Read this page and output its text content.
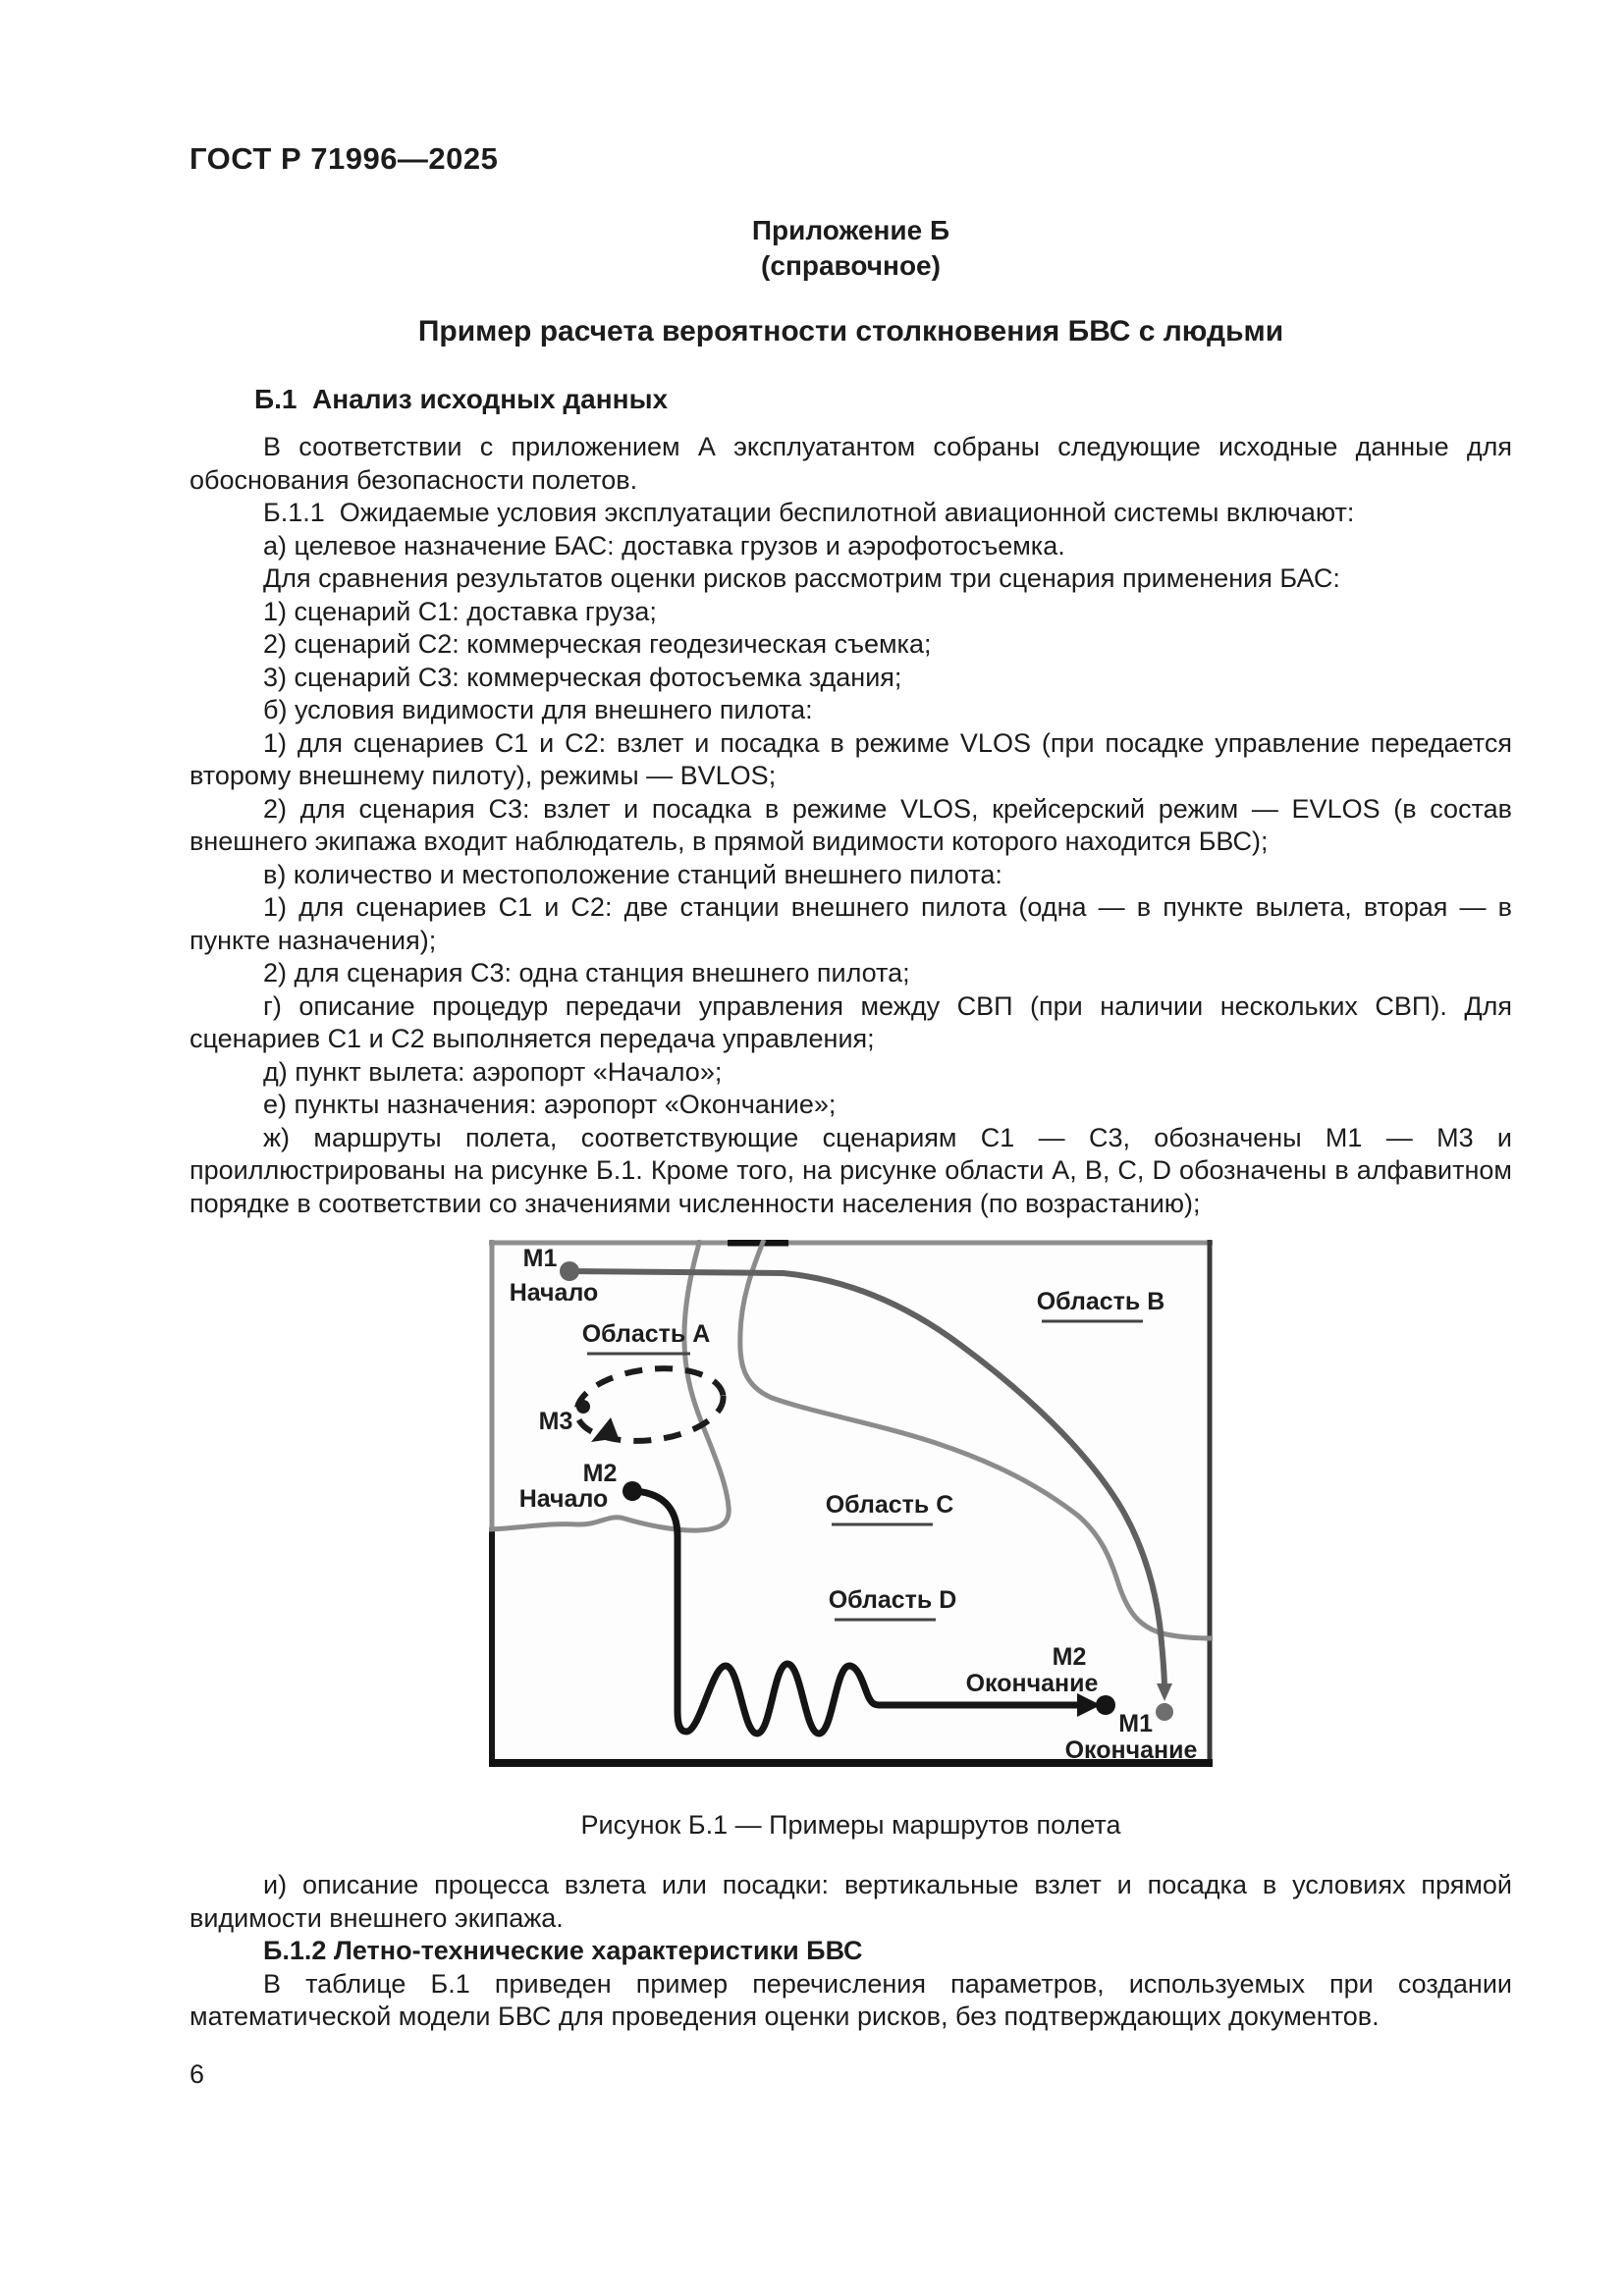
ГОСТ Р 71996—2025
Приложение Б
(справочное)
Пример расчета вероятности столкновения БВС с людьми
Б.1  Анализ исходных данных

В соответствии с приложением А эксплуатантом собраны следующие исходные данные для обоснования безопасности полетов.

Б.1.1  Ожидаемые условия эксплуатации беспилотной авиационной системы включают:

а) целевое назначение БАС: доставка грузов и аэрофотосъемка.

Для сравнения результатов оценки рисков рассмотрим три сценария применения БАС:

1) сценарий С1: доставка груза;

2) сценарий С2: коммерческая геодезическая съемка;

3) сценарий С3: коммерческая фотосъемка здания;

б) условия видимости для внешнего пилота:

1) для сценариев С1 и С2: взлет и посадка в режиме VLOS (при посадке управление передается второму внешнему пилоту), режимы — BVLOS;

2) для сценария С3: взлет и посадка в режиме VLOS, крейсерский режим — EVLOS (в состав внешнего экипажа входит наблюдатель, в прямой видимости которого находится БВС);

в) количество и местоположение станций внешнего пилота:

1) для сценариев С1 и С2: две станции внешнего пилота (одна — в пункте вылета, вторая — в пункте назначения);

2) для сценария С3: одна станция внешнего пилота;

г) описание процедур передачи управления между СВП (при наличии нескольких СВП). Для сценариев С1 и С2 выполняется передача управления;

д) пункт вылета: аэропорт «Начало»;

е) пункты назначения: аэропорт «Окончание»;

ж) маршруты полета, соответствующие сценариям С1 — С3, обозначены М1 — М3 и проиллюстрированы на рисунке Б.1. Кроме того, на рисунке области A, B, C, D обозначены в алфавитном порядке в соответствии со значениями численности населения (по возрастанию);

Область A
Область B
Область C
Область D
М1
Начало
М3
М2
Начало
М2
Окончание
М1
Окончание
Рисунок Б.1 — Примеры маршрутов полета

и) описание процесса взлета или посадки: вертикальные взлет и посадка в условиях прямой видимости внешнего экипажа.

Б.1.2 Летно-технические характеристики БВС

В таблице Б.1 приведен пример перечисления параметров, используемых при создании математической модели БВС для проведения оценки рисков, без подтверждающих документов.

6
